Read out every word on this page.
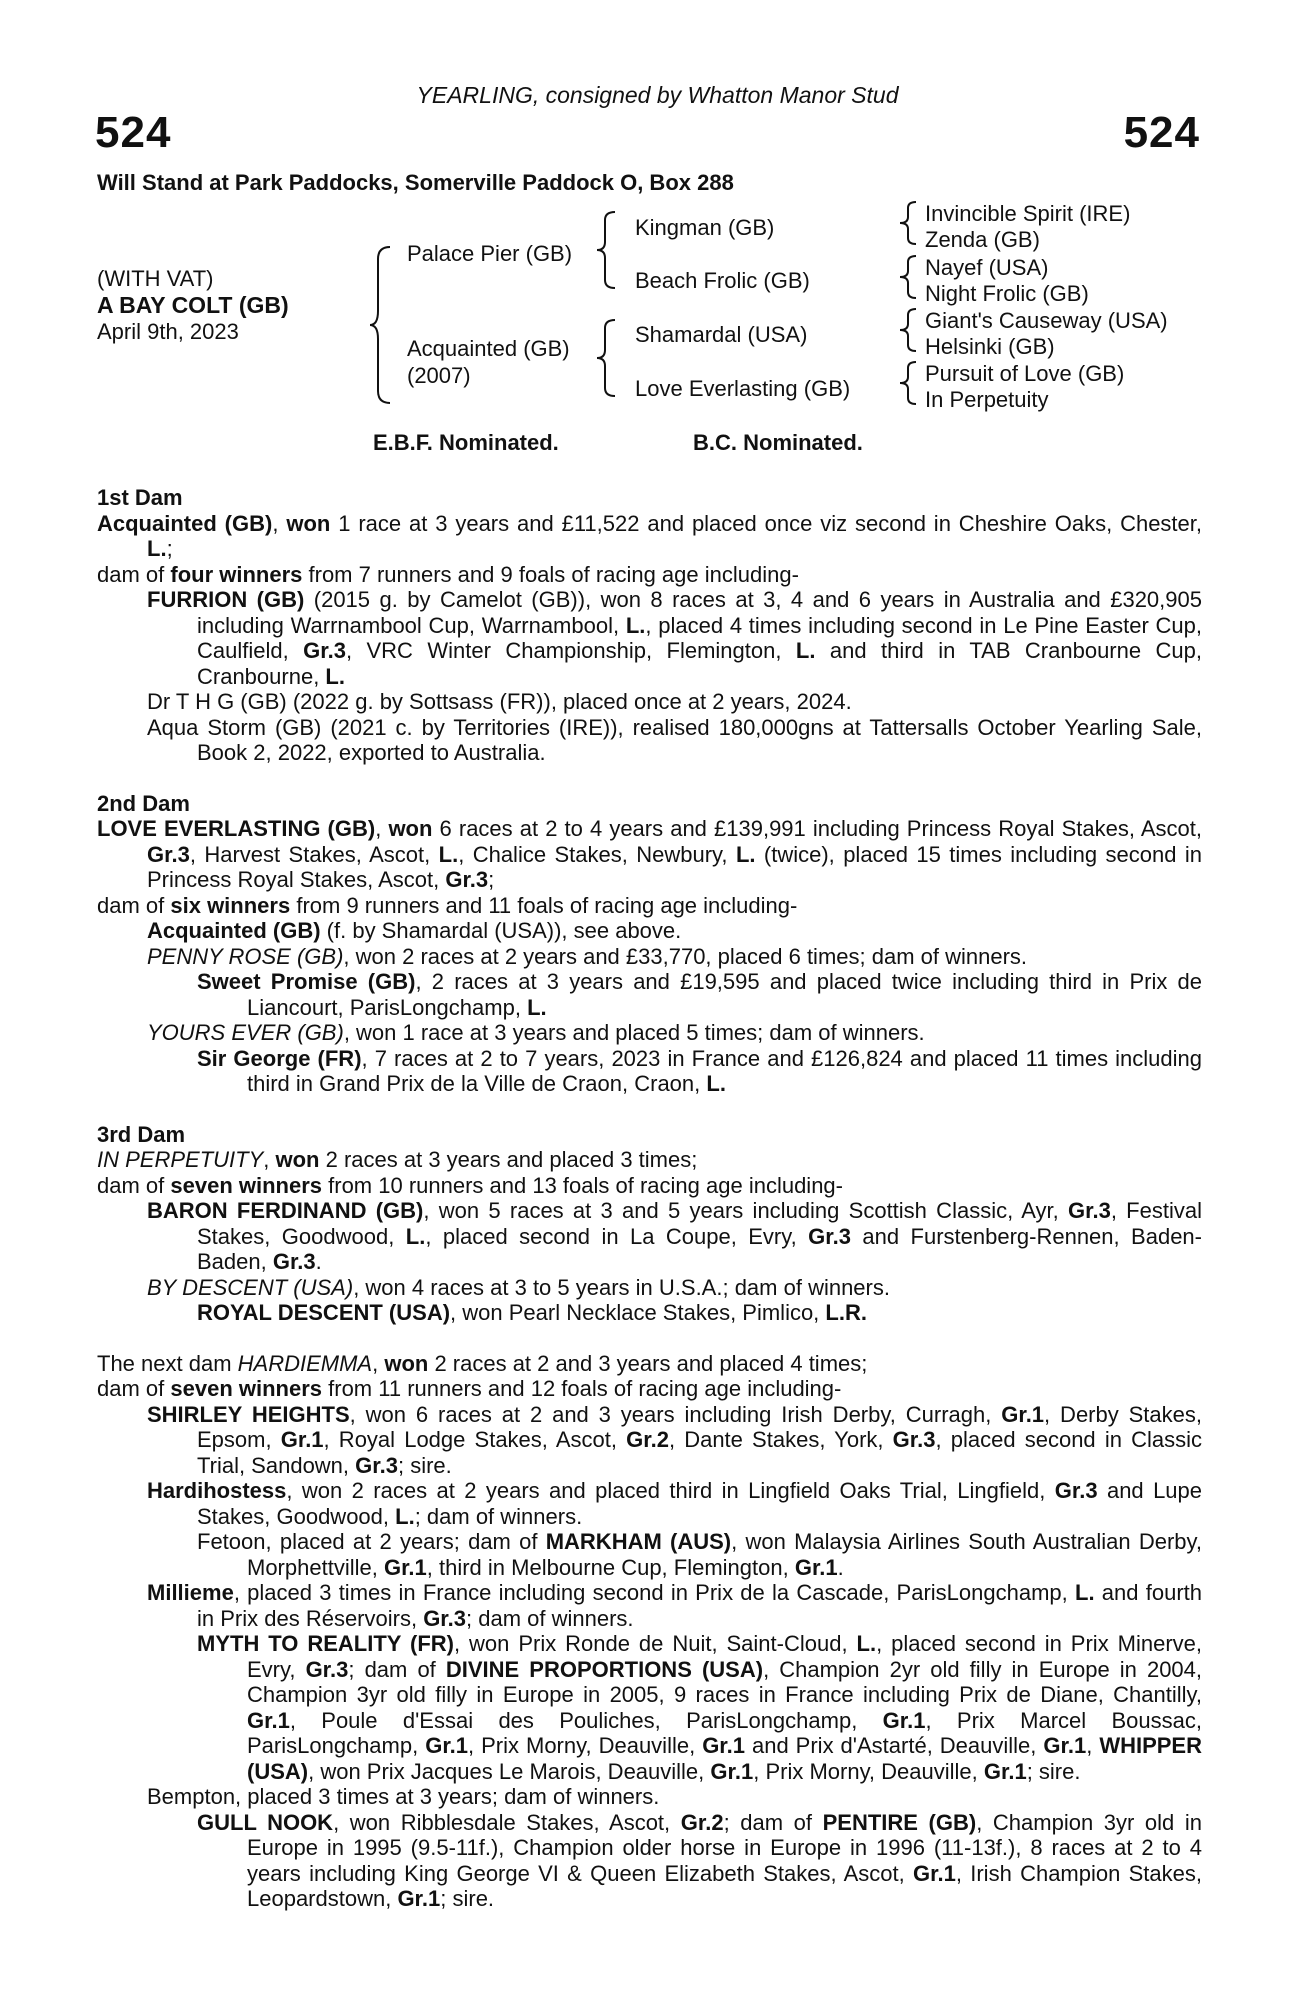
YEARLING, consigned by Whatton Manor Stud
524	524
Will Stand at Park Paddocks, Somerville Paddock O, Box 288
(WITH VAT)
A BAY COLT (GB)
April 9th, 2023
Palace Pier (GB)
Acquainted (GB)
(2007)
Kingman (GB)
Beach Frolic (GB)
Shamardal (USA)
Love Everlasting (GB)
Invincible Spirit (IRE)
Zenda (GB)
Nayef (USA)
Night Frolic (GB)
Giant's Causeway (USA)
Helsinki (GB)
Pursuit of Love (GB)
In Perpetuity
E.B.F. Nominated.	B.C. Nominated.

1st Dam

Acquainted (GB), won 1 race at 3 years and £11,522 and placed once viz second in Cheshire Oaks, Chester, L.;

dam of four winners from 7 runners and 9 foals of racing age including-

FURRION (GB) (2015 g. by Camelot (GB)), won 8 races at 3, 4 and 6 years in Australia and £320,905 including Warrnambool Cup, Warrnambool, L., placed 4 times including second in Le Pine Easter Cup, Caulfield, Gr.3, VRC Winter Championship, Flemington, L. and third in TAB Cranbourne Cup, Cranbourne, L.

Dr T H G (GB) (2022 g. by Sottsass (FR)), placed once at 2 years, 2024.

Aqua Storm (GB) (2021 c. by Territories (IRE)), realised 180,000gns at Tattersalls October Yearling Sale, Book 2, 2022, exported to Australia.

2nd Dam

LOVE EVERLASTING (GB), won 6 races at 2 to 4 years and £139,991 including Princess Royal Stakes, Ascot, Gr.3, Harvest Stakes, Ascot, L., Chalice Stakes, Newbury, L. (twice), placed 15 times including second in Princess Royal Stakes, Ascot, Gr.3;

dam of six winners from 9 runners and 11 foals of racing age including-

Acquainted (GB) (f. by Shamardal (USA)), see above.

PENNY ROSE (GB), won 2 races at 2 years and £33,770, placed 6 times; dam of winners.

Sweet Promise (GB), 2 races at 3 years and £19,595 and placed twice including third in Prix de Liancourt, ParisLongchamp, L.

YOURS EVER (GB), won 1 race at 3 years and placed 5 times; dam of winners.

Sir George (FR), 7 races at 2 to 7 years, 2023 in France and £126,824 and placed 11 times including third in Grand Prix de la Ville de Craon, Craon, L.

3rd Dam

IN PERPETUITY, won 2 races at 3 years and placed 3 times;

dam of seven winners from 10 runners and 13 foals of racing age including-

BARON FERDINAND (GB), won 5 races at 3 and 5 years including Scottish Classic, Ayr, Gr.3, Festival Stakes, Goodwood, L., placed second in La Coupe, Evry, Gr.3 and Furstenberg-Rennen, Baden-Baden, Gr.3.

BY DESCENT (USA), won 4 races at 3 to 5 years in U.S.A.; dam of winners.

ROYAL DESCENT (USA), won Pearl Necklace Stakes, Pimlico, L.R.

The next dam HARDIEMMA, won 2 races at 2 and 3 years and placed 4 times;

dam of seven winners from 11 runners and 12 foals of racing age including-

SHIRLEY HEIGHTS, won 6 races at 2 and 3 years including Irish Derby, Curragh, Gr.1, Derby Stakes, Epsom, Gr.1, Royal Lodge Stakes, Ascot, Gr.2, Dante Stakes, York, Gr.3, placed second in Classic Trial, Sandown, Gr.3; sire.

Hardihostess, won 2 races at 2 years and placed third in Lingfield Oaks Trial, Lingfield, Gr.3 and Lupe Stakes, Goodwood, L.; dam of winners.

Fetoon, placed at 2 years; dam of MARKHAM (AUS), won Malaysia Airlines South Australian Derby, Morphettville, Gr.1, third in Melbourne Cup, Flemington, Gr.1.

Millieme, placed 3 times in France including second in Prix de la Cascade, ParisLongchamp, L. and fourth in Prix des Réservoirs, Gr.3; dam of winners.

MYTH TO REALITY (FR), won Prix Ronde de Nuit, Saint-Cloud, L., placed second in Prix Minerve, Evry, Gr.3; dam of DIVINE PROPORTIONS (USA), Champion 2yr old filly in Europe in 2004, Champion 3yr old filly in Europe in 2005, 9 races in France including Prix de Diane, Chantilly, Gr.1, Poule d'Essai des Pouliches, ParisLongchamp, Gr.1, Prix Marcel Boussac, ParisLongchamp, Gr.1, Prix Morny, Deauville, Gr.1 and Prix d'Astarté, Deauville, Gr.1, WHIPPER (USA), won Prix Jacques Le Marois, Deauville, Gr.1, Prix Morny, Deauville, Gr.1; sire.

Bempton, placed 3 times at 3 years; dam of winners.

GULL NOOK, won Ribblesdale Stakes, Ascot, Gr.2; dam of PENTIRE (GB), Champion 3yr old in Europe in 1995 (9.5-11f.), Champion older horse in Europe in 1996 (11-13f.), 8 races at 2 to 4 years including King George VI & Queen Elizabeth Stakes, Ascot, Gr.1, Irish Champion Stakes, Leopardstown, Gr.1; sire.
